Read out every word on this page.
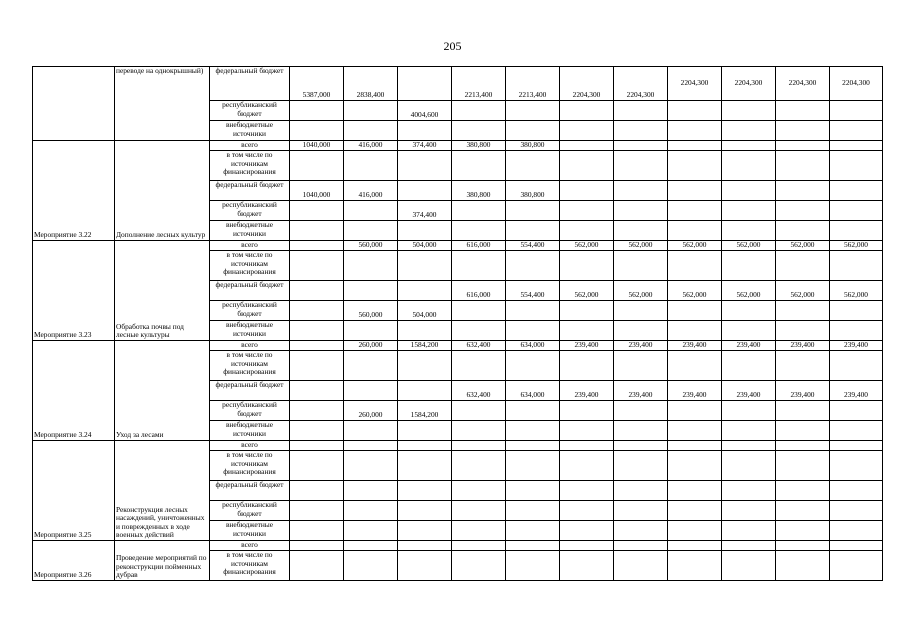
205
	переводе на однокрышный)	федеральный бюджет	5387,000	2838,400		2213,400	2213,400	2204,300	2204,300	2204,300	2204,300	2204,300	2204,300
		республиканский бюджет			4004,600								
		внебюджетные источники											
Мероприятие 3.22	Дополнение лесных культур	всего	1040,000	416,000	374,400	380,800	380,800						
		в том числе по источникам финансирования											
		федеральный бюджет	1040,000	416,000		380,800	380,800						
		республиканский бюджет			374,400								
		внебюджетные источники											
Мероприятие 3.23	Обработка почвы под лесные культуры	всего		560,000	504,000	616,000	554,400	562,000	562,000	562,000	562,000	562,000	562,000
		в том числе по источникам финансирования											
		федеральный бюджет				616,000	554,400	562,000	562,000	562,000	562,000	562,000	562,000
		республиканский бюджет		560,000	504,000								
		внебюджетные источники											
Мероприятие 3.24	Уход за лесами	всего		260,000	1584,200	632,400	634,000	239,400	239,400	239,400	239,400	239,400	239,400
		в том числе по источникам финансирования											
		федеральный бюджет				632,400	634,000	239,400	239,400	239,400	239,400	239,400	239,400
		республиканский бюджет		260,000	1584,200								
		внебюджетные источники											
Мероприятие 3.25	Реконструкция лесных насаждений, уничтоженных и поврежденных в ходе военных действий	всего											
		в том числе по источникам финансирования											
		федеральный бюджет											
		республиканский бюджет											
		внебюджетные источники											
Мероприятие 3.26	Проведение мероприятий по реконструкции пойменных дубрав	всего											
		в том числе по источникам финансирования											
